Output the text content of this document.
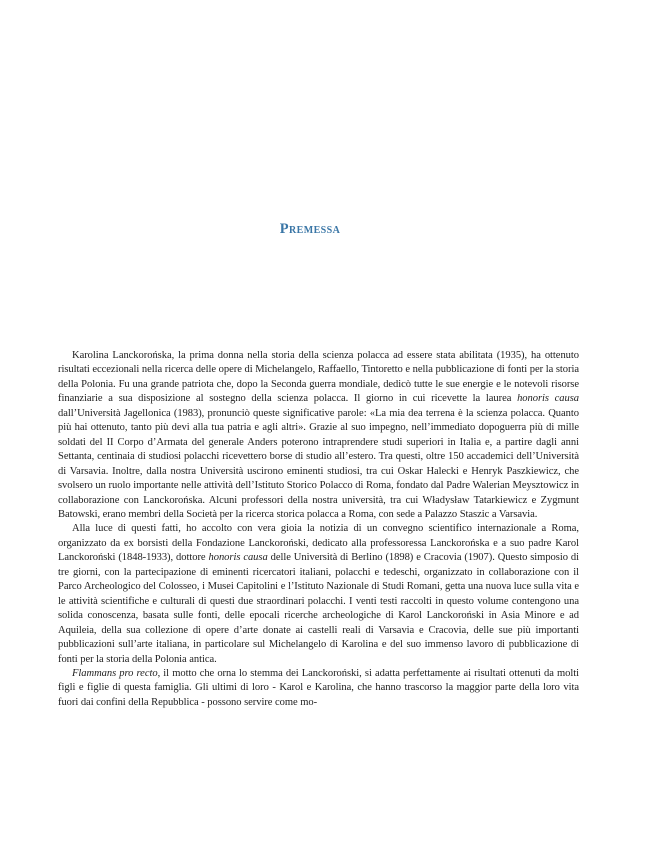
Premessa

Karolina Lanckorońska, la prima donna nella storia della scienza polacca ad essere stata abilitata (1935), ha ottenuto risultati eccezionali nella ricerca delle opere di Michelangelo, Raffaello, Tintoretto e nella pubblicazione di fonti per la storia della Polonia. Fu una grande patriota che, dopo la Seconda guerra mondiale, dedicò tutte le sue energie e le notevoli risorse finanziarie a sua disposizione al sostegno della scienza polacca. Il giorno in cui ricevette la laurea honoris causa dall’Università Jagellonica (1983), pronunciò queste significative parole: «La mia dea terrena è la scienza polacca. Quanto più hai ottenuto, tanto più devi alla tua patria e agli altri». Grazie al suo impegno, nell’immediato dopoguerra più di mille soldati del II Corpo d’Armata del generale Anders poterono intraprendere studi superiori in Italia e, a partire dagli anni Settanta, centinaia di studiosi polacchi ricevettero borse di studio all’estero. Tra questi, oltre 150 accademici dell’Università di Varsavia. Inoltre, dalla nostra Università uscirono eminenti studiosi, tra cui Oskar Halecki e Henryk Paszkiewicz, che svolsero un ruolo importante nelle attività dell’Istituto Storico Polacco di Roma, fondato dal Padre Walerian Meysztowicz in collaborazione con Lanckorońska. Alcuni professori della nostra università, tra cui Władysław Tatarkiewicz e Zygmunt Batowski, erano membri della Società per la ricerca storica polacca a Roma, con sede a Palazzo Staszic a Varsavia.

Alla luce di questi fatti, ho accolto con vera gioia la notizia di un convegno scientifico internazionale a Roma, organizzato da ex borsisti della Fondazione Lanckoroński, dedicato alla professoressa Lanckorońska e a suo padre Karol Lanckoroński (1848-1933), dottore honoris causa delle Università di Berlino (1898) e Cracovia (1907). Questo simposio di tre giorni, con la partecipazione di eminenti ricercatori italiani, polacchi e tedeschi, organizzato in collaborazione con il Parco Archeologico del Colosseo, i Musei Capitolini e l’Istituto Nazionale di Studi Romani, getta una nuova luce sulla vita e le attività scientifiche e culturali di questi due straordinari polacchi. I venti testi raccolti in questo volume contengono una solida conoscenza, basata sulle fonti, delle epocali ricerche archeologiche di Karol Lanckoroński in Asia Minore e ad Aquileia, della sua collezione di opere d’arte donate ai castelli reali di Varsavia e Cracovia, delle sue più importanti pubblicazioni sull’arte italiana, in particolare sul Michelangelo di Karolina e del suo immenso lavoro di pubblicazione di fonti per la storia della Polonia antica.

Flammans pro recto, il motto che orna lo stemma dei Lanckoroński, si adatta perfettamente ai risultati ottenuti da molti figli e figlie di questa famiglia. Gli ultimi di loro - Karol e Karolina, che hanno trascorso la maggior parte della loro vita fuori dai confini della Repubblica - possono servire come mo-
